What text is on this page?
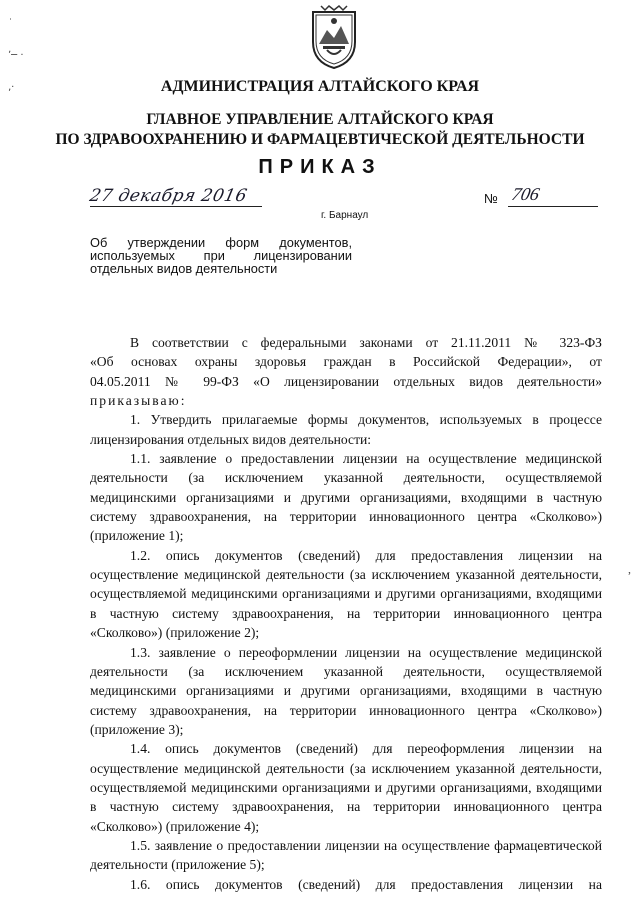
˙
ʼ─ ·
‚·
,
АДМИНИСТРАЦИЯ АЛТАЙСКОГО КРАЯ
ГЛАВНОЕ УПРАВЛЕНИЕ АЛТАЙСКОГО КРАЯ
ПО ЗДРАВООХРАНЕНИЮ И ФАРМАЦЕВТИЧЕСКОЙ ДЕЯТЕЛЬНОСТИ
ПРИКАЗ
27 декабря 2016
г. Барнаул
№ 706
Об утверждении форм документов,
используемых при лицензировании
отдельных видов деятельности

В соответствии с федеральными законами от 21.11.2011 № 323-ФЗ

«Об основах охраны здоровья граждан в Российской Федерации», от
04.05.2011 № 99-ФЗ «О лицензировании отдельных видов деятельности»
приказываю:

1. Утвердить прилагаемые формы документов, используемых в процессе лицензирования отдельных видов деятельности:

1.1. заявление о предоставлении лицензии на осуществление медицинской деятельности (за исключением указанной деятельности, осуществляемой медицинскими организациями и другими организациями, входящими в частную систему здравоохранения, на территории инновационного центра «Сколково») (приложение 1);

1.2. опись документов (сведений) для предоставления лицензии на осуществление медицинской деятельности (за исключением указанной деятельности, осуществляемой медицинскими организациями и другими организациями, входящими в частную систему здравоохранения, на территории инновационного центра «Сколково») (приложение 2);

1.3. заявление о переоформлении лицензии на осуществление медицинской деятельности (за исключением указанной деятельности, осуществляемой медицинскими организациями и другими организациями, входящими в частную систему здравоохранения, на территории инновационного центра «Сколково») (приложение 3);

1.4. опись документов (сведений) для переоформления лицензии на осуществление медицинской деятельности (за исключением указанной деятельности, осуществляемой медицинскими организациями и другими организациями, входящими в частную систему здравоохранения, на территории инновационного центра «Сколково») (приложение 4);

1.5. заявление о предоставлении лицензии на осуществление фармацевтической деятельности (приложение 5);

1.6. опись документов (сведений) для предоставления лицензии на
